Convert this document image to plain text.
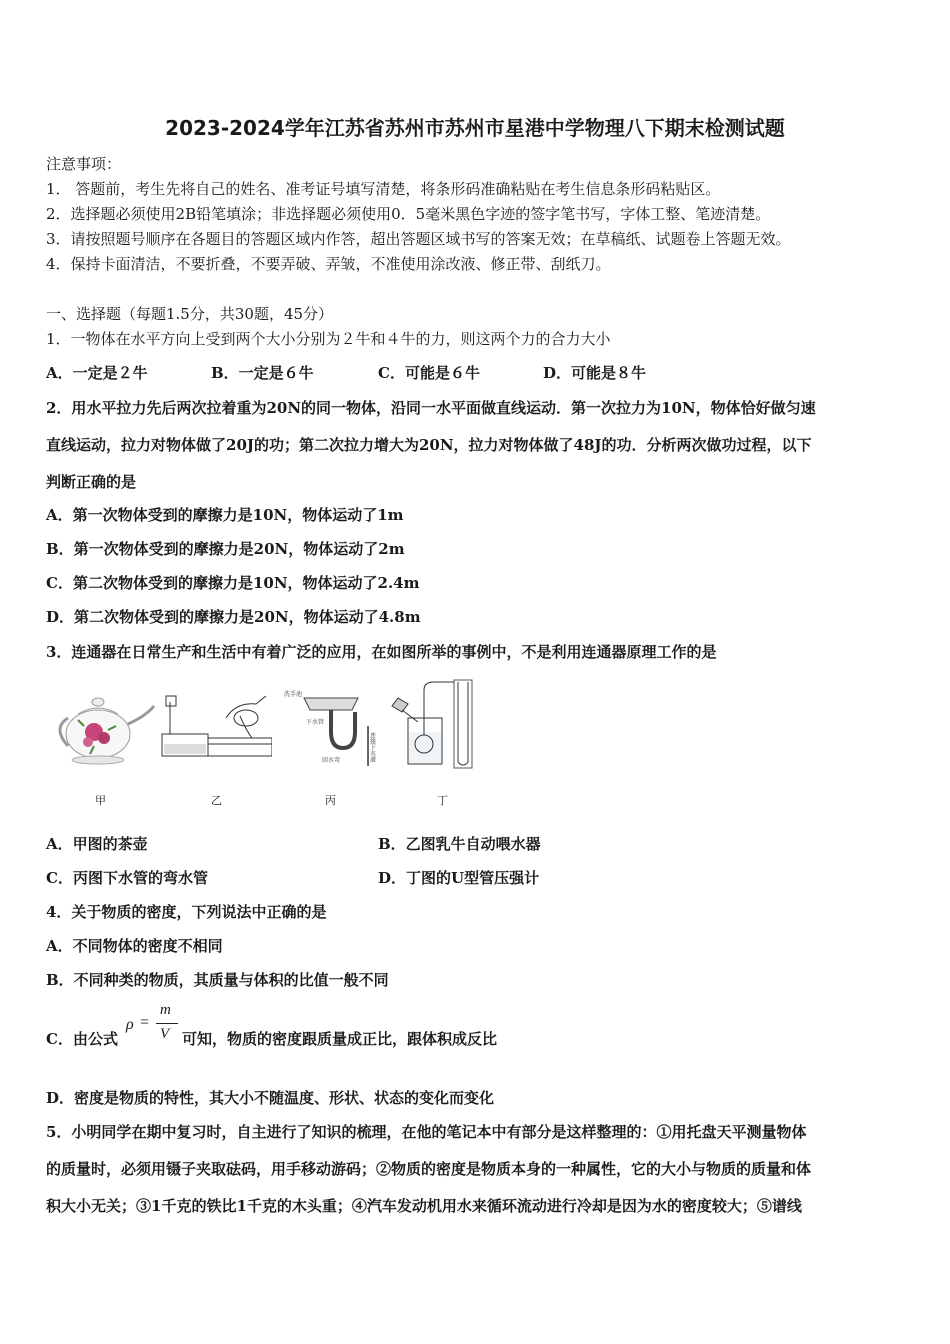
2023-2024学年江苏省苏州市苏州市星港中学物理八下期末检测试题
注意事项：
1． 答题前，考生先将自己的姓名、准考证号填写清楚，将条形码准确粘贴在考生信息条形码粘贴区。
2．选择题必须使用2B铅笔填涂；非选择题必须使用0．5毫米黑色字迹的签字笔书写，字体工整、笔迹清楚。
3．请按照题号顺序在各题目的答题区域内作答，超出答题区域书写的答案无效；在草稿纸、试题卷上答题无效。
4．保持卡面清洁，不要折叠，不要弄破、弄皱，不准使用涂改液、修正带、刮纸刀。
一、选择题（每题1.5分，共30题，45分）
1．一物体在水平方向上受到两个大小分别为２牛和４牛的力，则这两个力的合力大小
A．一定是２牛	B．一定是６牛	C．可能是６牛	D．可能是８牛
2．用水平拉力先后两次拉着重为20N的同一物体，沿同一水平面做直线运动．第一次拉力为10N，物体恰好做匀速
直线运动，拉力对物体做了20J的功；第二次拉力增大为20N，拉力对物体做了48J的功．分析两次做功过程，以下
判断正确的是
A．第一次物体受到的摩擦力是10N，物体运动了1m
B．第一次物体受到的摩擦力是20N，物体运动了2m
C．第二次物体受到的摩擦力是10N，物体运动了2.4m
D．第二次物体受到的摩擦力是20N，物体运动了4.8m
3．连通器在日常生产和生活中有着广泛的应用，在如图所举的事例中，不是利用连通器原理工作的是
洗手池
下水管
回水弯	连接下水道
甲	乙	丙	丁
A．甲图的茶壶	B．乙图乳牛自动喂水器
C．丙图下水管的弯水管	D．丁图的U型管压强计
4．关于物质的密度，下列说法中正确的是
A．不同物体的密度不相同
B．不同种类的物质，其质量与体积的比值一般不同
C．由公式
ρ =
m
V 可知，物质的密度跟质量成正比，跟体积成反比
D．密度是物质的特性，其大小不随温度、形状、状态的变化而变化
5．小明同学在期中复习时，自主进行了知识的梳理，在他的笔记本中有部分是这样整理的：①用托盘天平测量物体
的质量时，必须用镊子夹取砝码，用手移动游码；②物质的密度是物质本身的一种属性，它的大小与物质的质量和体
积大小无关；③1千克的铁比1千克的木头重；④汽车发动机用水来循环流动进行冷却是因为水的密度较大；⑤谱线
